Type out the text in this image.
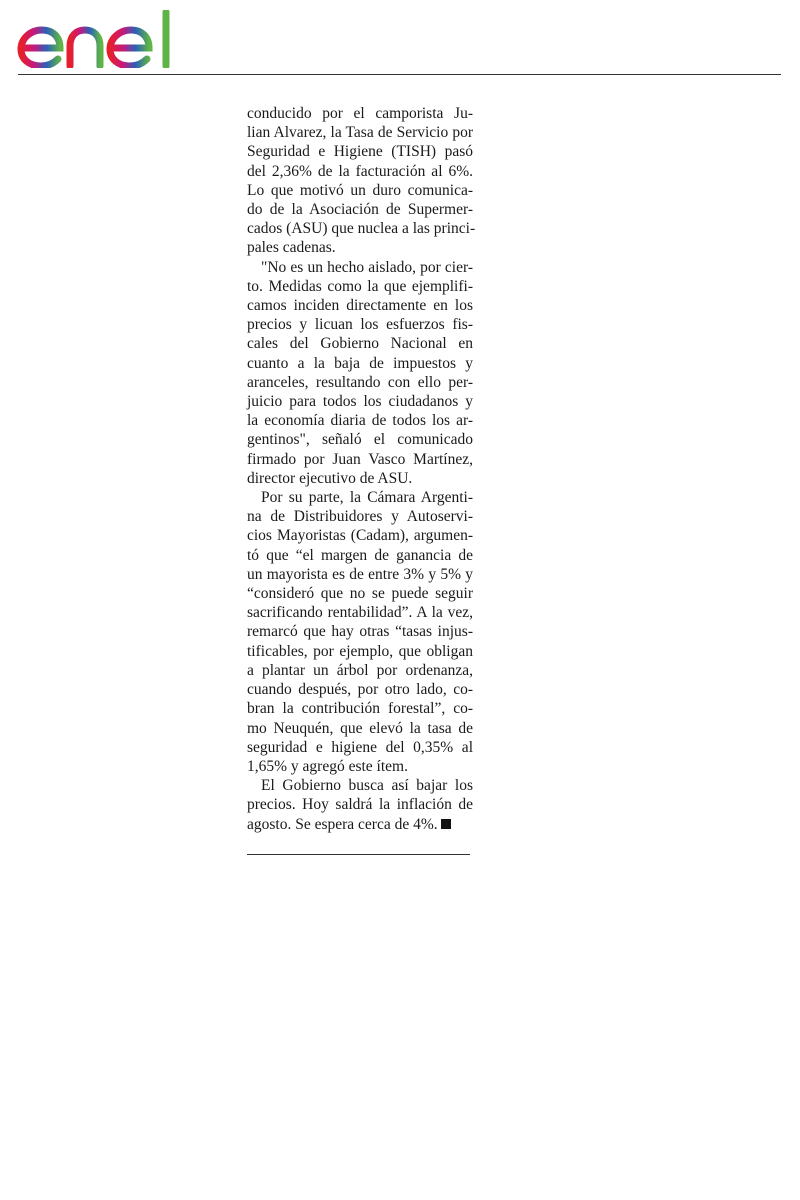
conducido por el camporista Ju-
lian Alvarez, la Tasa de Servicio por
Seguridad e Higiene (TISH) pasó
del 2,36% de la facturación al 6%.
Lo que motivó un duro comunica-
do de la Asociación de Supermer-
cados (ASU) que nuclea a las princi-
pales cadenas.
"No es un hecho aislado, por cier-
to. Medidas como la que ejemplifi-
camos inciden directamente en los
precios y licuan los esfuerzos fis-
cales del Gobierno Nacional en
cuanto a la baja de impuestos y
aranceles, resultando con ello per-
juicio para todos los ciudadanos y
la economía diaria de todos los ar-
gentinos", señaló el comunicado
firmado por Juan Vasco Martínez,
director ejecutivo de ASU.
Por su parte, la Cámara Argenti-
na de Distribuidores y Autoservi-
cios Mayoristas (Cadam), argumen-
tó que “el margen de ganancia de
un mayorista es de entre 3% y 5% y
“consideró que no se puede seguir
sacrificando rentabilidad”. A la vez,
remarcó que hay otras “tasas injus-
tificables, por ejemplo, que obligan
a plantar un árbol por ordenanza,
cuando después, por otro lado, co-
bran la contribución forestal”, co-
mo Neuquén, que elevó la tasa de
seguridad e higiene del 0,35% al
1,65% y agregó este ítem.
El Gobierno busca así bajar los
precios. Hoy saldrá la inflación de
agosto. Se espera cerca de 4%.
